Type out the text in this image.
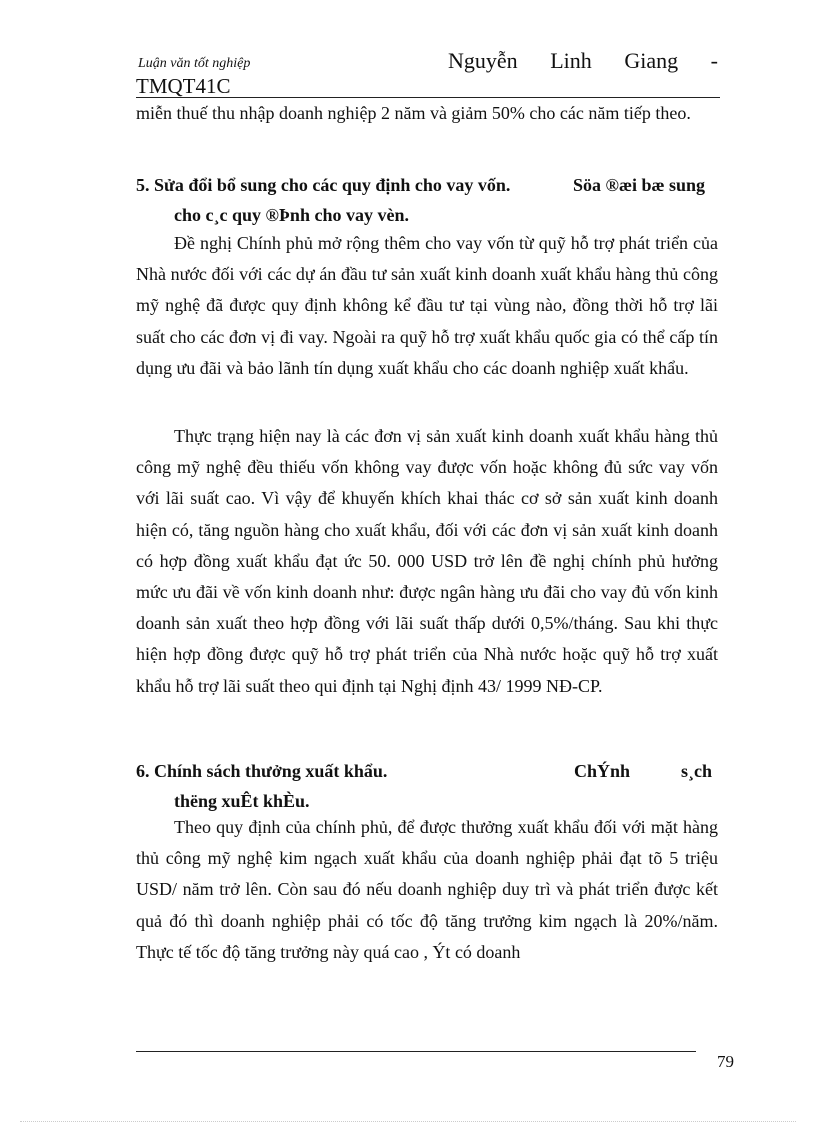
Luận văn tốt nghiệp	Nguyễn Linh Giang -
TMQT41C
miễn thuế thu nhập doanh nghiệp 2 năm và giảm 50% cho các năm tiếp theo.
5. Sửa đổi bổ sung cho các quy định cho vay vốn.	Söa ®æi bæ sung
cho c¸c quy ®Þnh cho vay vèn.
Đề nghị Chính phủ mở rộng thêm cho vay vốn từ quỹ hỗ trợ phát triển của Nhà nước đối với các dự án đầu tư sản xuất kinh doanh xuất khẩu hàng thủ công mỹ nghệ đã được quy định không kể đầu tư tại vùng nào, đồng thời hỗ trợ lãi suất cho các đơn vị đi vay. Ngoài ra quỹ hỗ trợ xuất khẩu quốc gia có thể cấp tín dụng ưu đãi và bảo lãnh tín dụng xuất khẩu cho các doanh nghiệp xuất khẩu.
Thực trạng hiện nay là các đơn vị sản xuất kinh doanh xuất khẩu hàng thủ công mỹ nghệ đều thiếu vốn không vay được vốn hoặc không đủ sức vay vốn với lãi suất cao. Vì vậy để khuyến khích khai thác cơ sở sản xuất kinh doanh hiện có, tăng nguồn hàng cho xuất khẩu, đối với các đơn vị sản xuất kinh doanh có hợp đồng xuất khẩu đạt ức 50. 000 USD trở lên đề nghị chính phủ hưởng mức ưu đãi về vốn kinh doanh như: được ngân hàng ưu đãi cho vay đủ vốn kinh doanh sản xuất theo hợp đồng với lãi suất thấp dưới 0,5%/tháng. Sau khi thực hiện hợp đồng được quỹ hỗ trợ phát triển của Nhà nước hoặc quỹ hỗ trợ xuất khẩu hỗ trợ lãi suất theo qui định tại Nghị định 43/ 1999 NĐ-CP.
6. Chính sách thưởng xuất khẩu.	ChÝnh	s¸ch
thëng xuÊt khÈu.
Theo quy định của chính phủ, để được thưởng xuất khẩu đối với mặt hàng thủ công mỹ nghệ kim ngạch xuất khẩu của doanh nghiệp phải đạt tõ 5 triệu USD/ năm trở lên. Còn sau đó nếu doanh nghiệp duy trì và phát triển được kết quả đó thì doanh nghiệp phải có tốc độ tăng trưởng kim ngạch là 20%/năm. Thực tế tốc độ tăng trưởng này quá cao , Ýt có doanh
79
